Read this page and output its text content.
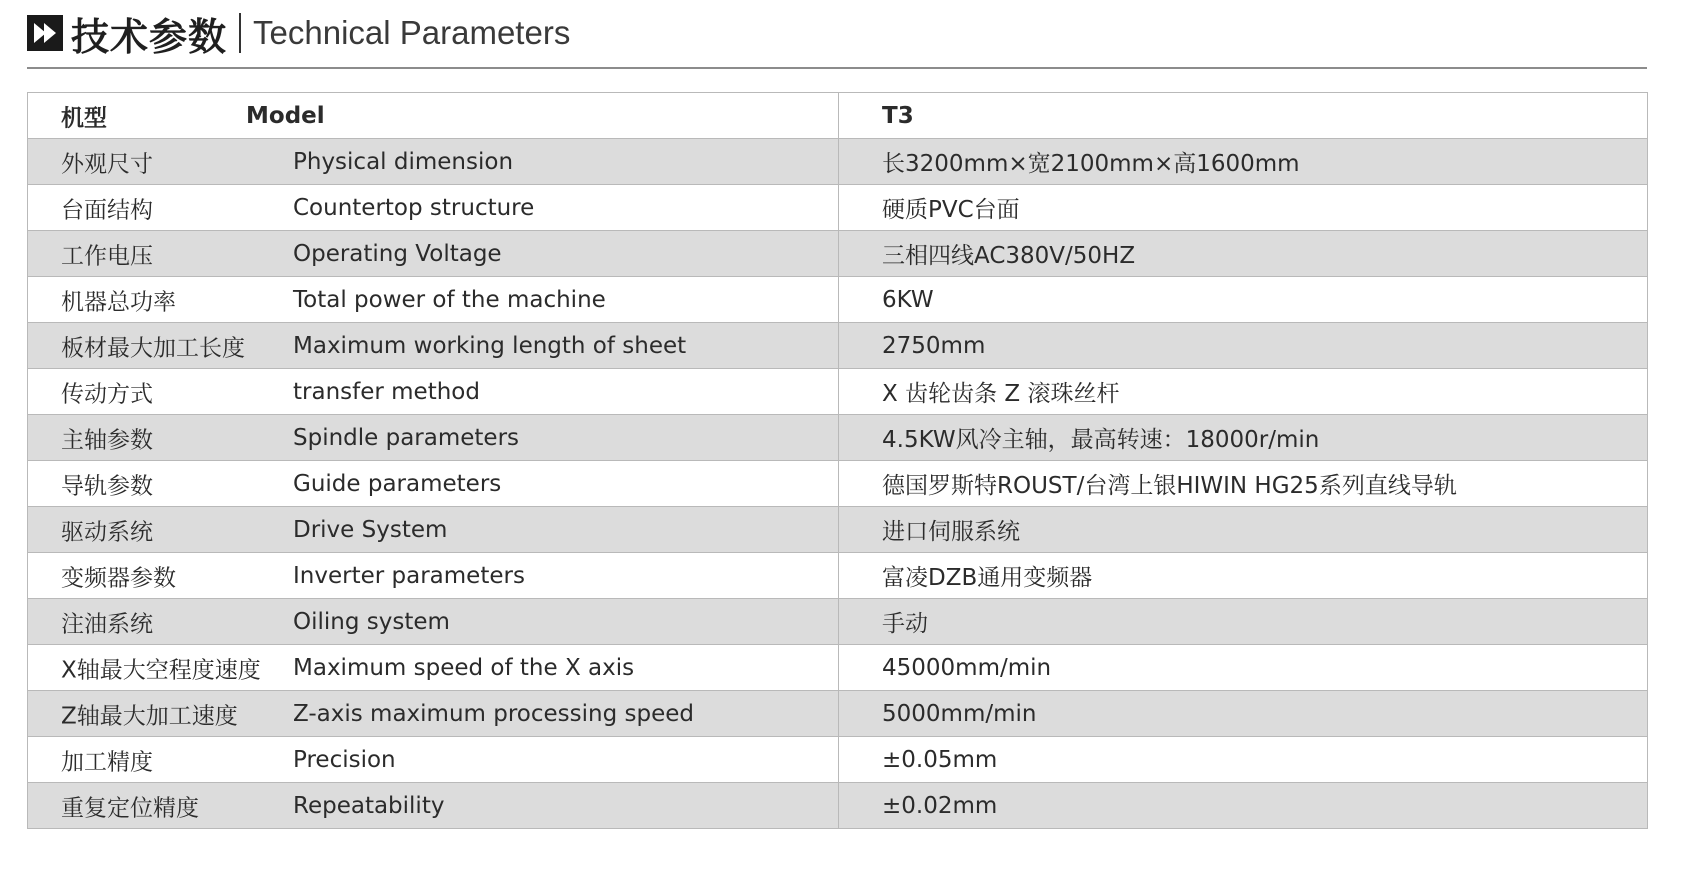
技术参数 Technical Parameters
机型 Model	T3

外观尺寸 Physical dimension	长3200mm×宽2100mm×高1600mm

台面结构 Countertop structure	硬质PVC台面

工作电压 Operating Voltage	三相四线AC380V/50HZ

机器总功率 Total power of the machine	6KW

板材最大加工长度 Maximum working length of sheet	2750mm

传动方式 transfer method	X 齿轮齿条 Z 滚珠丝杆

主轴参数 Spindle parameters	4.5KW风冷主轴，最高转速：18000r/min

导轨参数 Guide parameters	德国罗斯特ROUST/台湾上银HIWIN HG25系列直线导轨

驱动系统 Drive System	进口伺服系统

变频器参数 Inverter parameters	富凌DZB通用变频器

注油系统 Oiling system	手动

X轴最大空程度速度 Maximum speed of the X axis	45000mm/min

Z轴最大加工速度 Z-axis maximum processing speed	5000mm/min

加工精度 Precision	±0.05mm

重复定位精度 Repeatability	±0.02mm
